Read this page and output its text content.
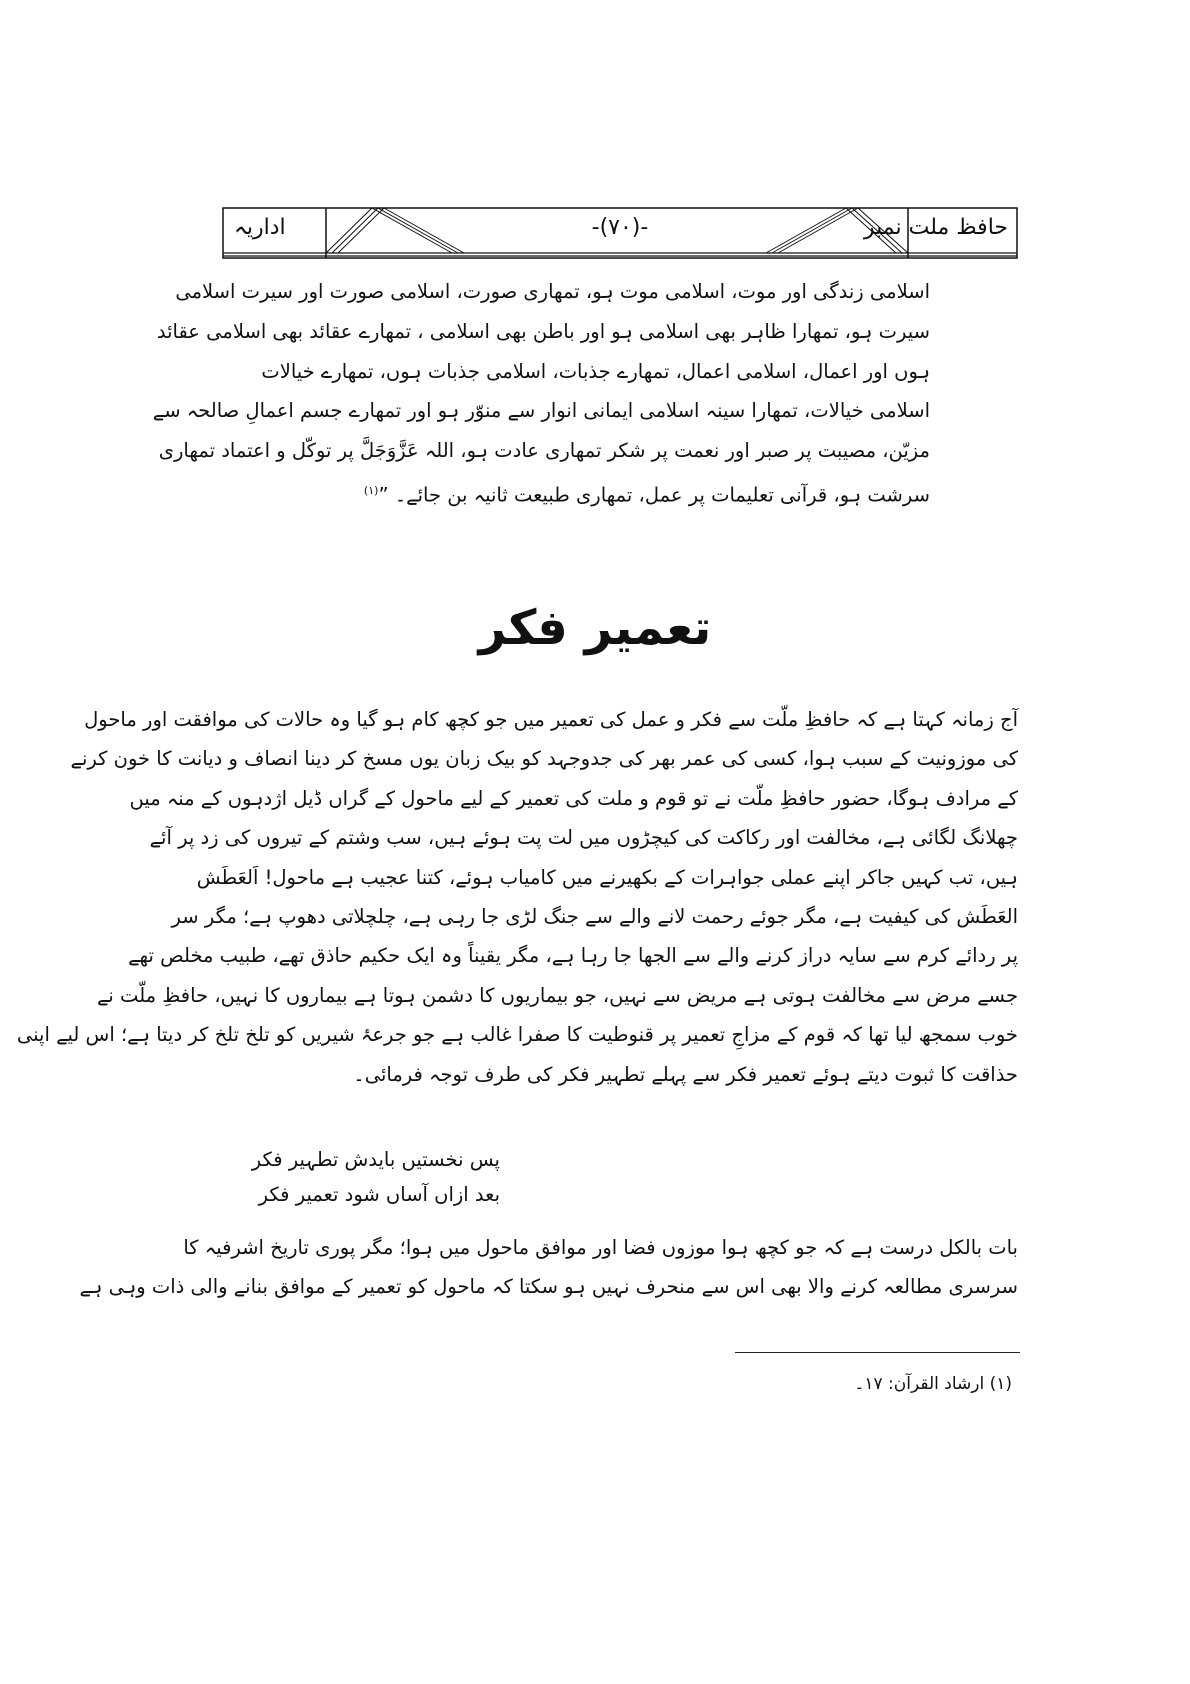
حافظ ملت نمبر
-(۷۰)-
اداریہ
اسلامی زندگی اور موت، اسلامی موت ہو، تمھاری صورت، اسلامی صورت اور سیرت اسلامی
سیرت ہو، تمھارا ظاہر بھی اسلامی ہو اور باطن بھی اسلامی ، تمھارے عقائد بھی اسلامی عقائد
ہوں اور اعمال، اسلامی اعمال، تمھارے جذبات، اسلامی جذبات ہوں، تمھارے خیالات
اسلامی خیالات، تمھارا سینہ اسلامی ایمانی انوار سے منوّر ہو اور تمھارے جسم اعمالِ صالحہ سے
مزیّن، مصیبت پر صبر اور نعمت پر شکر تمھاری عادت ہو، اللہ عَزَّوَجَلَّ پر توکّل و اعتماد تمھاری
سرشت ہو، قرآنی تعلیمات پر عمل، تمھاری طبیعت ثانیہ بن جائے۔ ”$^{(۱)}$
تعمیر فکر
آج زمانہ کہتا ہے کہ حافظِ ملّت سے فکر و عمل کی تعمیر میں جو کچھ کام ہو گیا وہ حالات کی موافقت اور ماحول
کی موزونیت کے سبب ہوا، کسی کی عمر بھر کی جدوجہد کو بیک زبان یوں مسخ کر دینا انصاف و دیانت کا خون کرنے
کے مرادف ہوگا، حضور حافظِ ملّت نے تو قوم و ملت کی تعمیر کے لیے ماحول کے گراں ڈیل اژدہوں کے منہ میں
چھلانگ لگائی ہے، مخالفت اور رکاکت کی کیچڑوں میں لت پت ہوئے ہیں، سب وشتم کے تیروں کی زد پر آئے
ہیں، تب کہیں جاکر اپنے عملی جواہرات کے بکھیرنے میں کامیاب ہوئے، کتنا عجیب ہے ماحول! اَلعَطَش
العَطَش کی کیفیت ہے، مگر جوئے رحمت لانے والے سے جنگ لڑی جا رہی ہے، چلچلاتی دھوپ ہے؛ مگر سر
پر ردائے کرم سے سایہ دراز کرنے والے سے الجھا جا رہا ہے، مگر یقیناً وہ ایک حکیم حاذق تھے، طبیب مخلص تھے
جسے مرض سے مخالفت ہوتی ہے مریض سے نہیں، جو بیماریوں کا دشمن ہوتا ہے بیماروں کا نہیں، حافظِ ملّت نے
خوب سمجھ لیا تھا کہ قوم کے مزاجِ تعمیر پر قنوطیت کا صفرا غالب ہے جو جرعۂ شیریں کو تلخ تلخ کر دیتا ہے؛ اس لیے اپنی
حذاقت کا ثبوت دیتے ہوئے تعمیر فکر سے پہلے تطہیر فکر کی طرف توجہ فرمائی۔
پس نخستیں بایدش تطہیر فکر
بعد ازاں آساں شود تعمیر فکر
بات بالکل درست ہے کہ جو کچھ ہوا موزوں فضا اور موافق ماحول میں ہوا؛ مگر پوری تاریخ اشرفیہ کا
سرسری مطالعہ کرنے والا بھی اس سے منحرف نہیں ہو سکتا کہ ماحول کو تعمیر کے موافق بنانے والی ذات وہی ہے
(۱) ارشاد القرآن: ۱۷۔
